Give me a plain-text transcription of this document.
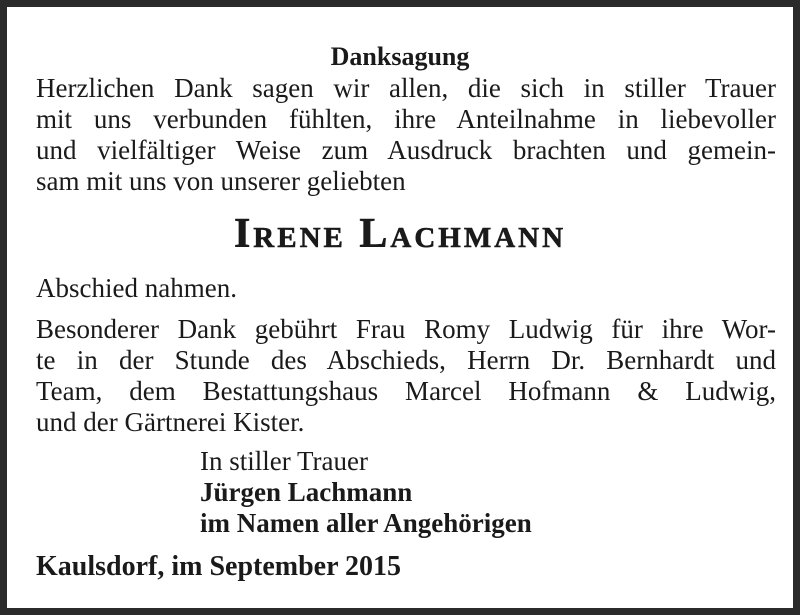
Danksagung

Herzlichen Dank sagen wir allen, die sich in stiller Trauer

mit uns verbunden fühlten, ihre Anteilnahme in liebevoller

und vielfältiger Weise zum Ausdruck brachten und gemein-

sam mit uns von unserer geliebten

Irene Lachmann

Abschied nahmen.

Besonderer Dank gebührt Frau Romy Ludwig für ihre Wor-

te in der Stunde des Abschieds, Herrn Dr. Bernhardt und

Team, dem Bestattungshaus Marcel Hofmann & Ludwig,

und der Gärtnerei Kister.

In stiller Trauer

Jürgen Lachmann

im Namen aller Angehörigen

Kaulsdorf, im September 2015
